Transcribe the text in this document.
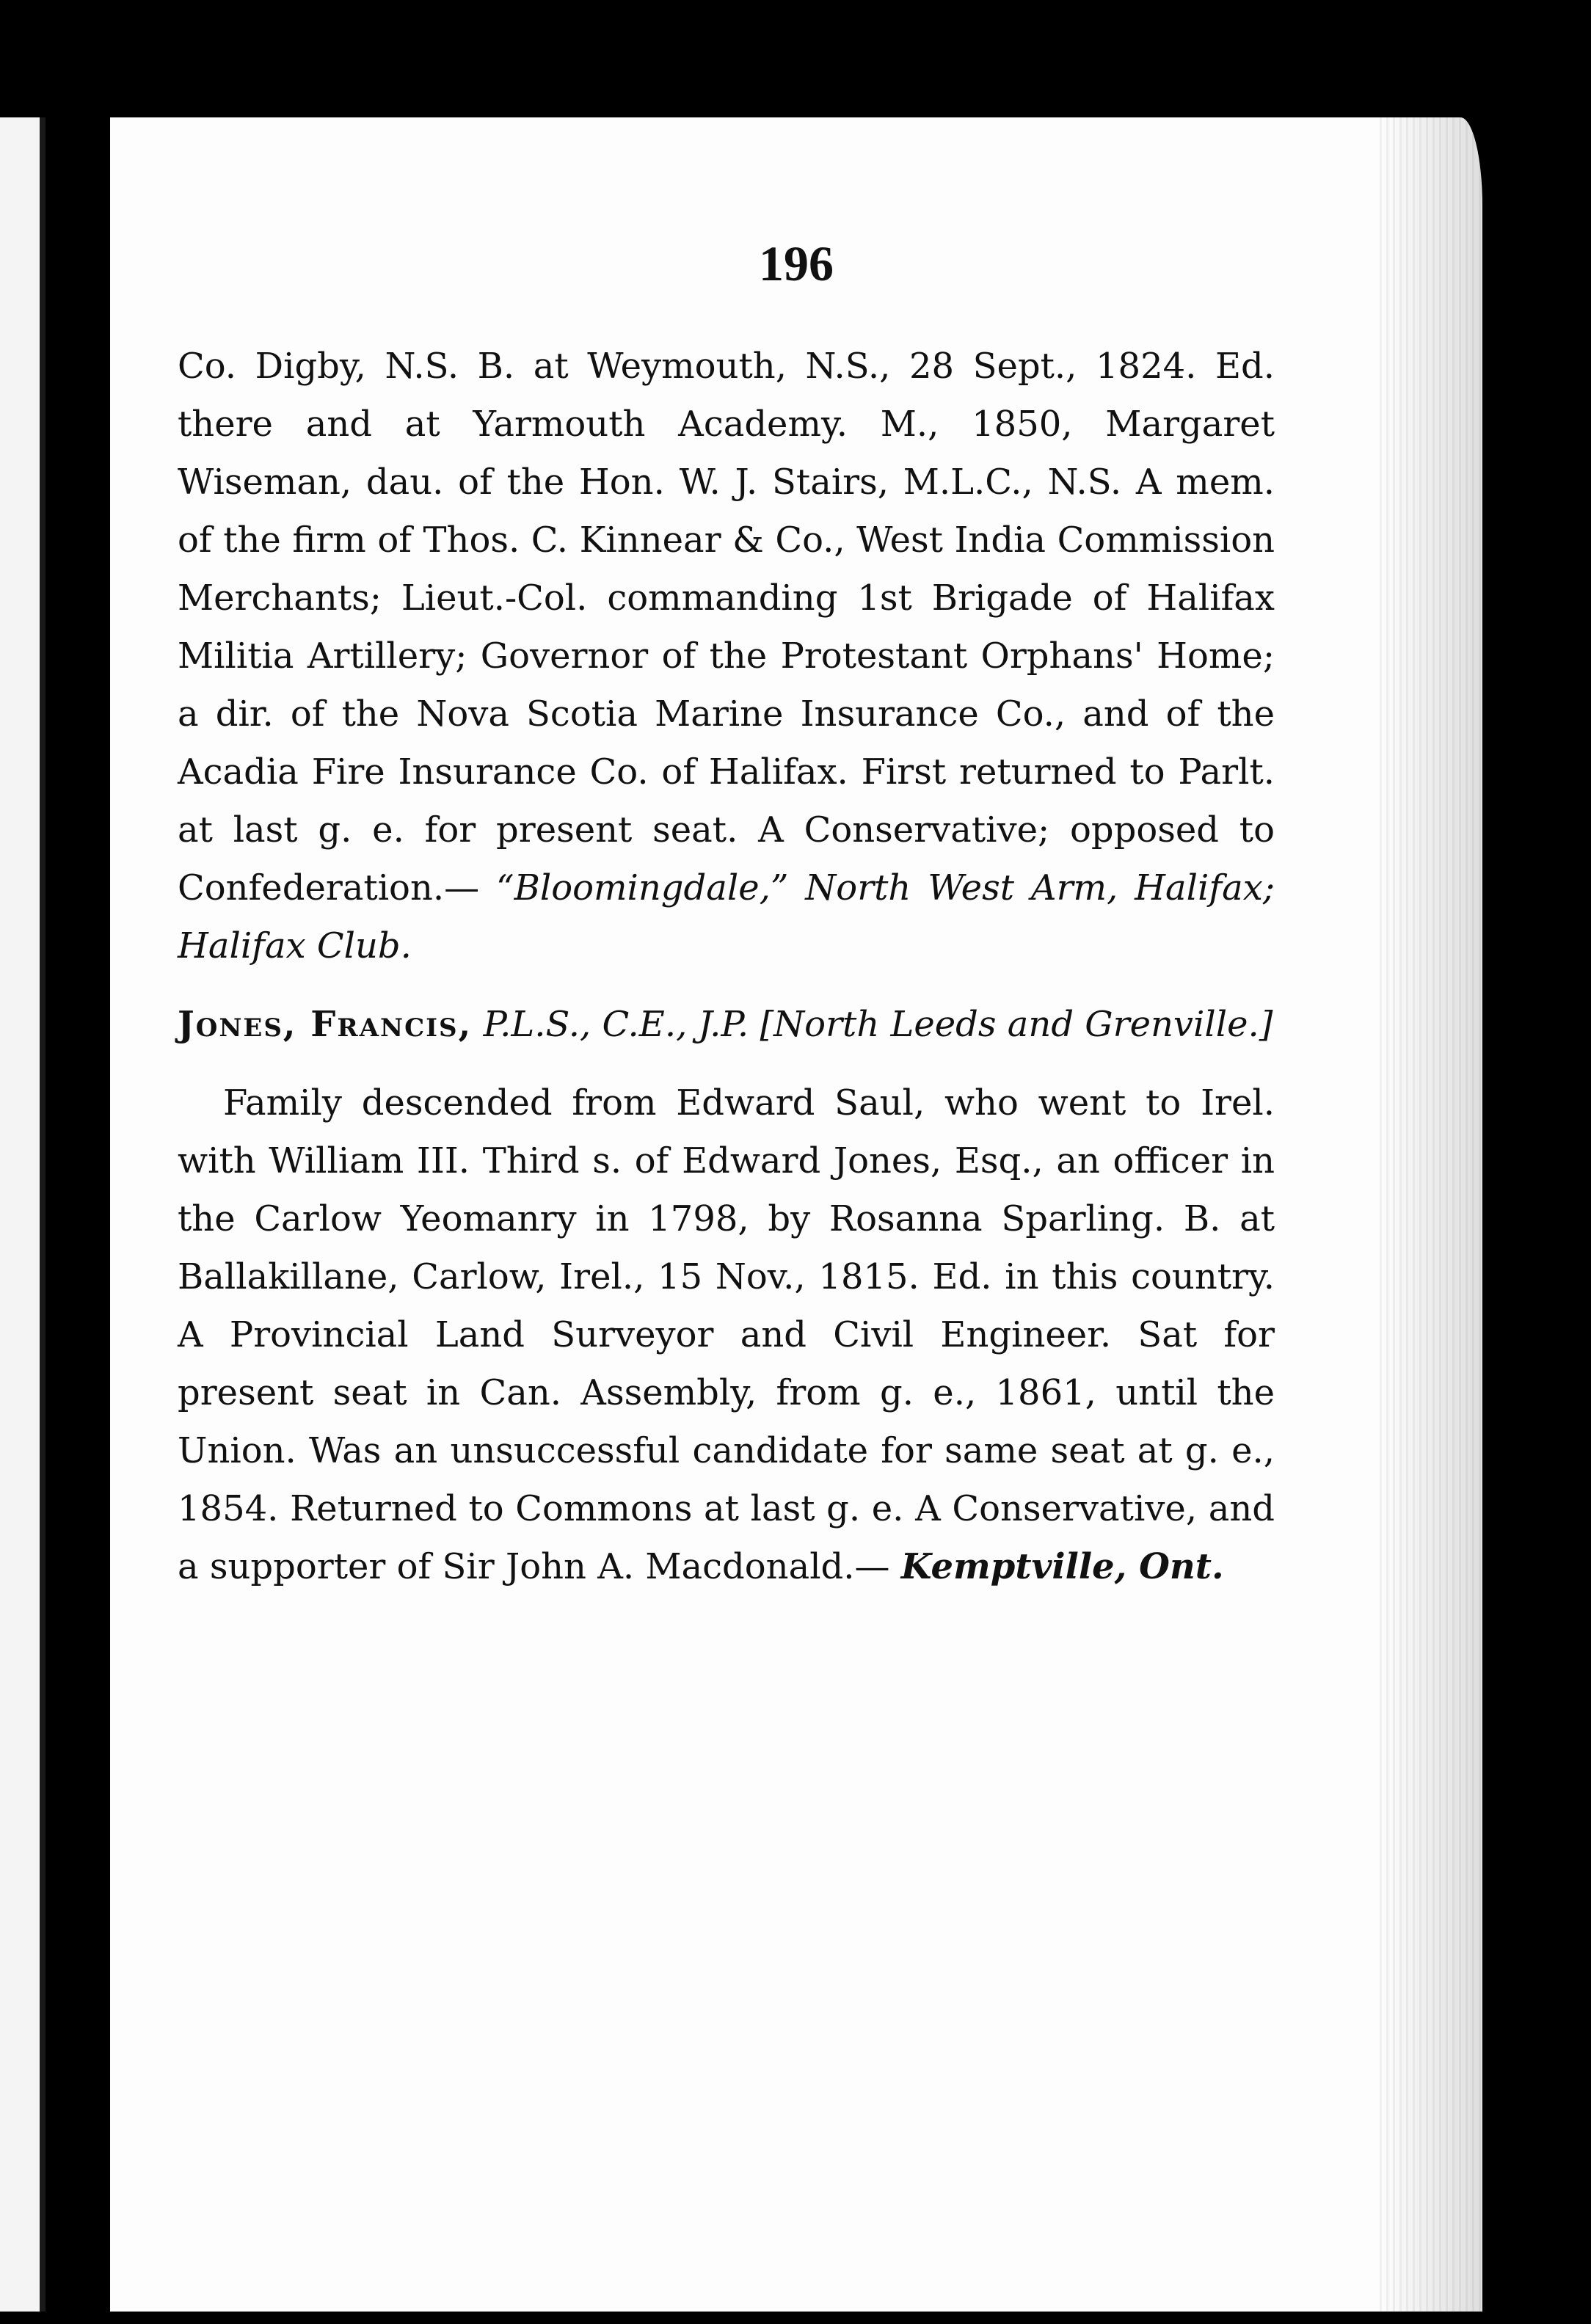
196

Co. Digby, N.S. B. at Weymouth, N.S., 28 Sept., 1824. Ed. there and at Yarmouth Academy. M., 1850, Margaret Wiseman, dau. of the Hon. W. J. Stairs, M.L.C., N.S. A mem. of the firm of Thos. C. Kinnear & Co., West India Commission Merchants; Lieut.-Col. commanding 1st Brigade of Halifax Militia Artillery; Governor of the Protestant Orphans' Home; a dir. of the Nova Scotia Marine Insurance Co., and of the Acadia Fire Insurance Co. of Halifax. First returned to Parlt. at last g. e. for present seat. A Conservative; opposed to Confederation.— “Bloomingdale,” North West Arm, Halifax; Halifax Club.

Jones, Francis, P.L.S., C.E., J.P. [North Leeds and Grenville.]

Family descended from Edward Saul, who went to Irel. with William III. Third s. of Edward Jones, Esq., an officer in the Carlow Yeomanry in 1798, by Rosanna Sparling. B. at Ballakillane, Carlow, Irel., 15 Nov., 1815. Ed. in this country. A Provincial Land Surveyor and Civil Engineer. Sat for present seat in Can. Assembly, from g. e., 1861, until the Union. Was an unsuccessful candidate for same seat at g. e., 1854. Returned to Commons at last g. e. A Conservative, and a supporter of Sir John A. Macdonald.— Kemptville, Ont.
